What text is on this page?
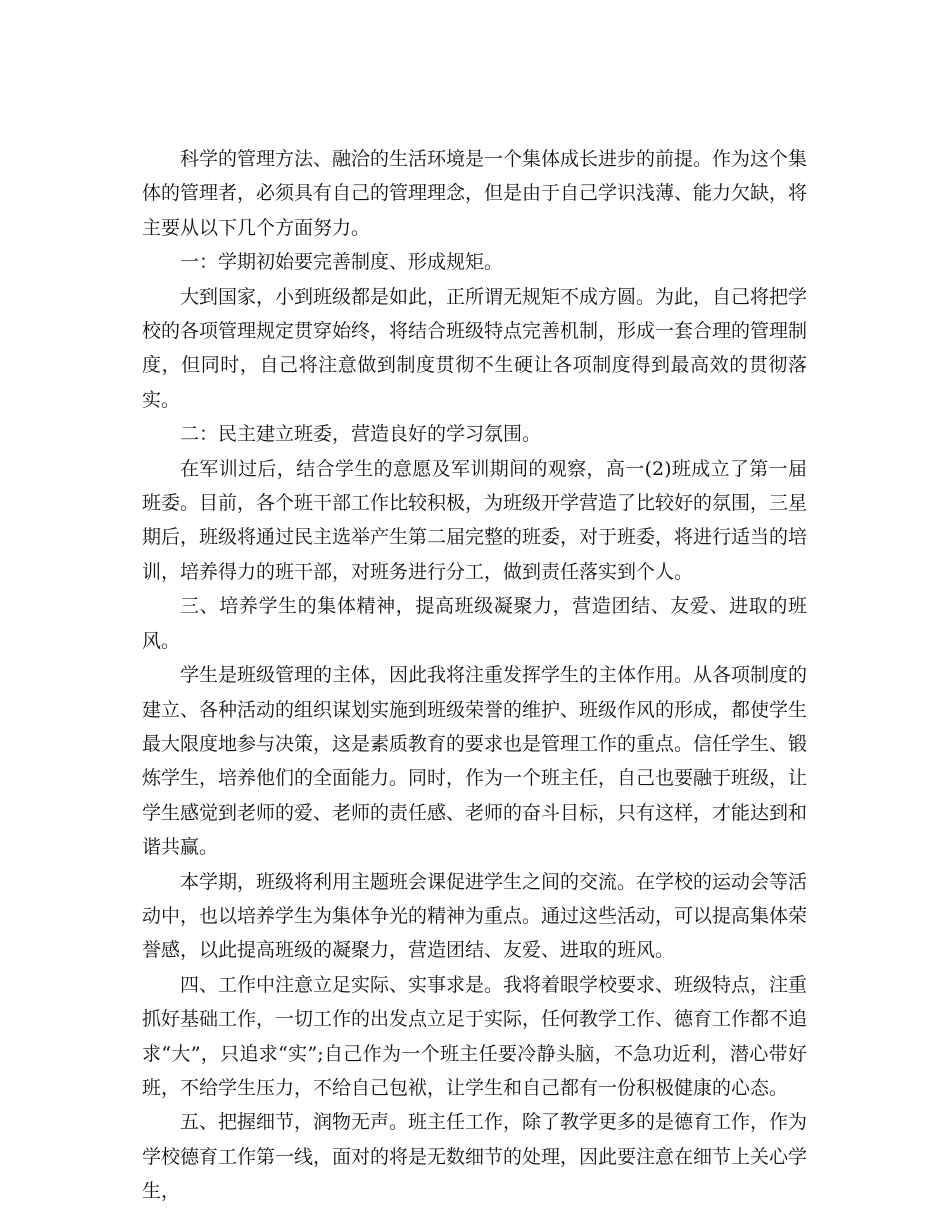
科学的管理方法、融洽的生活环境是一个集体成长进步的前提。作为这个集体的管理者，必须具有自己的管理理念，但是由于自己学识浅薄、能力欠缺，将主要从以下几个方面努力。

一：学期初始要完善制度、形成规矩。

大到国家，小到班级都是如此，正所谓无规矩不成方圆。为此，自己将把学校的各项管理规定贯穿始终，将结合班级特点完善机制，形成一套合理的管理制度，但同时，自己将注意做到制度贯彻不生硬让各项制度得到最高效的贯彻落实。

二：民主建立班委，营造良好的学习氛围。

在军训过后，结合学生的意愿及军训期间的观察，高一(2)班成立了第一届班委。目前，各个班干部工作比较积极，为班级开学营造了比较好的氛围，三星期后，班级将通过民主选举产生第二届完整的班委，对于班委，将进行适当的培训，培养得力的班干部，对班务进行分工，做到责任落实到个人。

三、培养学生的集体精神，提高班级凝聚力，营造团结、友爱、进取的班风。

学生是班级管理的主体，因此我将注重发挥学生的主体作用。从各项制度的建立、各种活动的组织谋划实施到班级荣誉的维护、班级作风的形成，都使学生最大限度地参与决策，这是素质教育的要求也是管理工作的重点。信任学生、锻炼学生，培养他们的全面能力。同时，作为一个班主任，自己也要融于班级，让学生感觉到老师的爱、老师的责任感、老师的奋斗目标，只有这样，才能达到和谐共赢。

本学期，班级将利用主题班会课促进学生之间的交流。在学校的运动会等活动中，也以培养学生为集体争光的精神为重点。通过这些活动，可以提高集体荣誉感，以此提高班级的凝聚力，营造团结、友爱、进取的班风。

四、工作中注意立足实际、实事求是。我将着眼学校要求、班级特点，注重抓好基础工作，一切工作的出发点立足于实际，任何教学工作、德育工作都不追求“大”，只追求“实”;自己作为一个班主任要冷静头脑，不急功近利，潜心带好班，不给学生压力，不给自己包袱，让学生和自己都有一份积极健康的心态。

五、把握细节，润物无声。班主任工作，除了教学更多的是德育工作，作为学校德育工作第一线，面对的将是无数细节的处理，因此要注意在细节上关心学生，
